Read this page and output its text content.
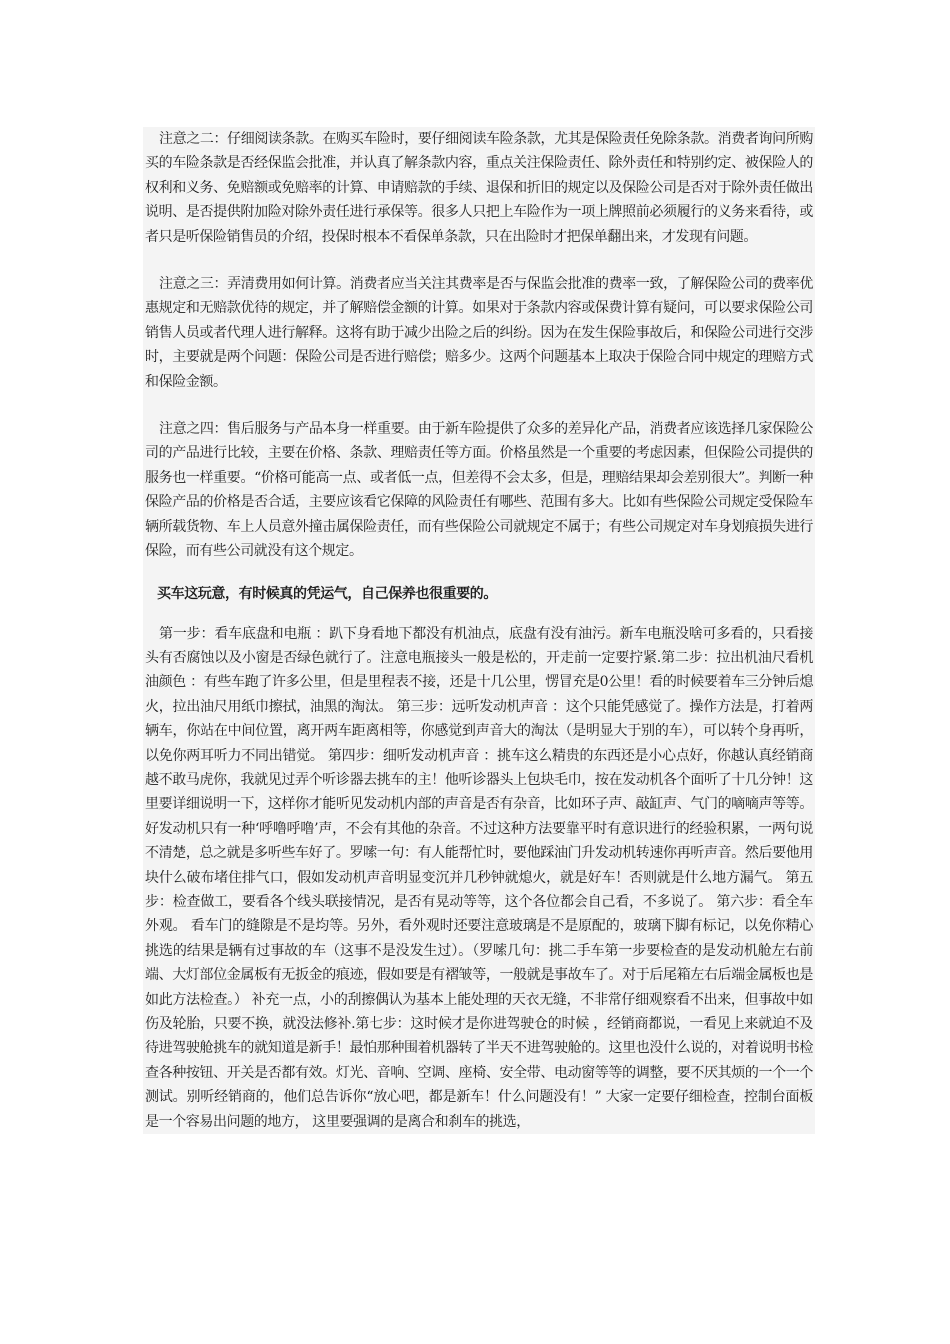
注意之二：仔细阅读条款。在购买车险时，要仔细阅读车险条款，尤其是保险责任免除条款。消费者询问所购买的车险条款是否经保监会批准，并认真了解条款内容，重点关注保险责任、除外责任和特别约定、被保险人的权利和义务、免赔额或免赔率的计算、申请赔款的手续、退保和折旧的规定以及保险公司是否对于除外责任做出说明、是否提供附加险对除外责任进行承保等。很多人只把上车险作为一项上牌照前必须履行的义务来看待，或者只是听保险销售员的介绍，投保时根本不看保单条款，只在出险时才把保单翻出来，才发现有问题。

注意之三：弄清费用如何计算。消费者应当关注其费率是否与保监会批准的费率一致，了解保险公司的费率优惠规定和无赔款优待的规定，并了解赔偿金额的计算。如果对于条款内容或保费计算有疑问，可以要求保险公司销售人员或者代理人进行解释。这将有助于减少出险之后的纠纷。因为在发生保险事故后，和保险公司进行交涉时，主要就是两个问题：保险公司是否进行赔偿；赔多少。这两个问题基本上取决于保险合同中规定的理赔方式和保险金额。

注意之四：售后服务与产品本身一样重要。由于新车险提供了众多的差异化产品，消费者应该选择几家保险公司的产品进行比较，主要在价格、条款、理赔责任等方面。价格虽然是一个重要的考虑因素，但保险公司提供的服务也一样重要。“价格可能高一点、或者低一点，但差得不会太多，但是，理赔结果却会差别很大”。判断一种保险产品的价格是否合适，主要应该看它保障的风险责任有哪些、范围有多大。比如有些保险公司规定受保险车辆所载货物、车上人员意外撞击属保险责任，而有些保险公司就规定不属于；有些公司规定对车身划痕损失进行保险，而有些公司就没有这个规定。

买车这玩意，有时候真的凭运气，自己保养也很重要的。

第一步：看车底盘和电瓶 ：趴下身看地下都没有机油点，底盘有没有油污。新车电瓶没啥可多看的，只看接头有否腐蚀以及小窗是否绿色就行了。注意电瓶接头一般是松的，开走前一定要拧紧.第二步：拉出机油尺看机油颜色 ：有些车跑了许多公里，但是里程表不接，还是十几公里，愣冒充是0公里！看的时候要着车三分钟后熄火，拉出油尺用纸巾擦拭，油黑的淘汰。 第三步：远听发动机声音 ：这个只能凭感觉了。操作方法是，打着两辆车，你站在中间位置，离开两车距离相等，你感觉到声音大的淘汰（是明显大于别的车），可以转个身再听，以免你两耳听力不同出错觉。 第四步：细听发动机声音 ：挑车这么精贵的东西还是小心点好，你越认真经销商越不敢马虎你，我就见过弄个听诊器去挑车的主！他听诊器头上包块毛巾，按在发动机各个面听了十几分钟！这里要详细说明一下，这样你才能听见发动机内部的声音是否有杂音，比如环子声、敲缸声、气门的嘀嘀声等等。好发动机只有一种‘呼噜呼噜’声，不会有其他的杂音。不过这种方法要靠平时有意识进行的经验积累，一两句说不清楚，总之就是多听些车好了。罗嗦一句：有人能帮忙时，要他踩油门升发动机转速你再听声音。然后要他用块什么破布堵住排气口，假如发动机声音明显变沉并几秒钟就熄火，就是好车！否则就是什么地方漏气。 第五步：检查做工，要看各个线头联接情况，是否有晃动等等，这个各位都会自己看，不多说了。 第六步：看全车外观。 看车门的缝隙是不是均等。另外，看外观时还要注意玻璃是不是原配的，玻璃下脚有标记，以免你精心挑选的结果是辆有过事故的车（这事不是没发生过）。（罗嗦几句：挑二手车第一步要检查的是发动机舱左右前端、大灯部位金属板有无扳金的痕迹，假如要是有褶皱等，一般就是事故车了。对于后尾箱左右后端金属板也是如此方法检查。） 补充一点，小的刮擦偶认为基本上能处理的天衣无缝，不非常仔细观察看不出来，但事故中如伤及轮胎，只要不换，就没法修补.第七步：这时候才是你进驾驶仓的时候 ，经销商都说，一看见上来就迫不及待进驾驶舱挑车的就知道是新手！最怕那种围着机器转了半天不进驾驶舱的。这里也没什么说的，对着说明书检查各种按钮、开关是否都有效。灯光、音响、空调、座椅、安全带、电动窗等等的调整，要不厌其烦的一个一个测试。别听经销商的，他们总告诉你“放心吧，都是新车！什么问题没有！” 大家一定要仔细检查，控制台面板是一个容易出问题的地方， 这里要强调的是离合和刹车的挑选，
